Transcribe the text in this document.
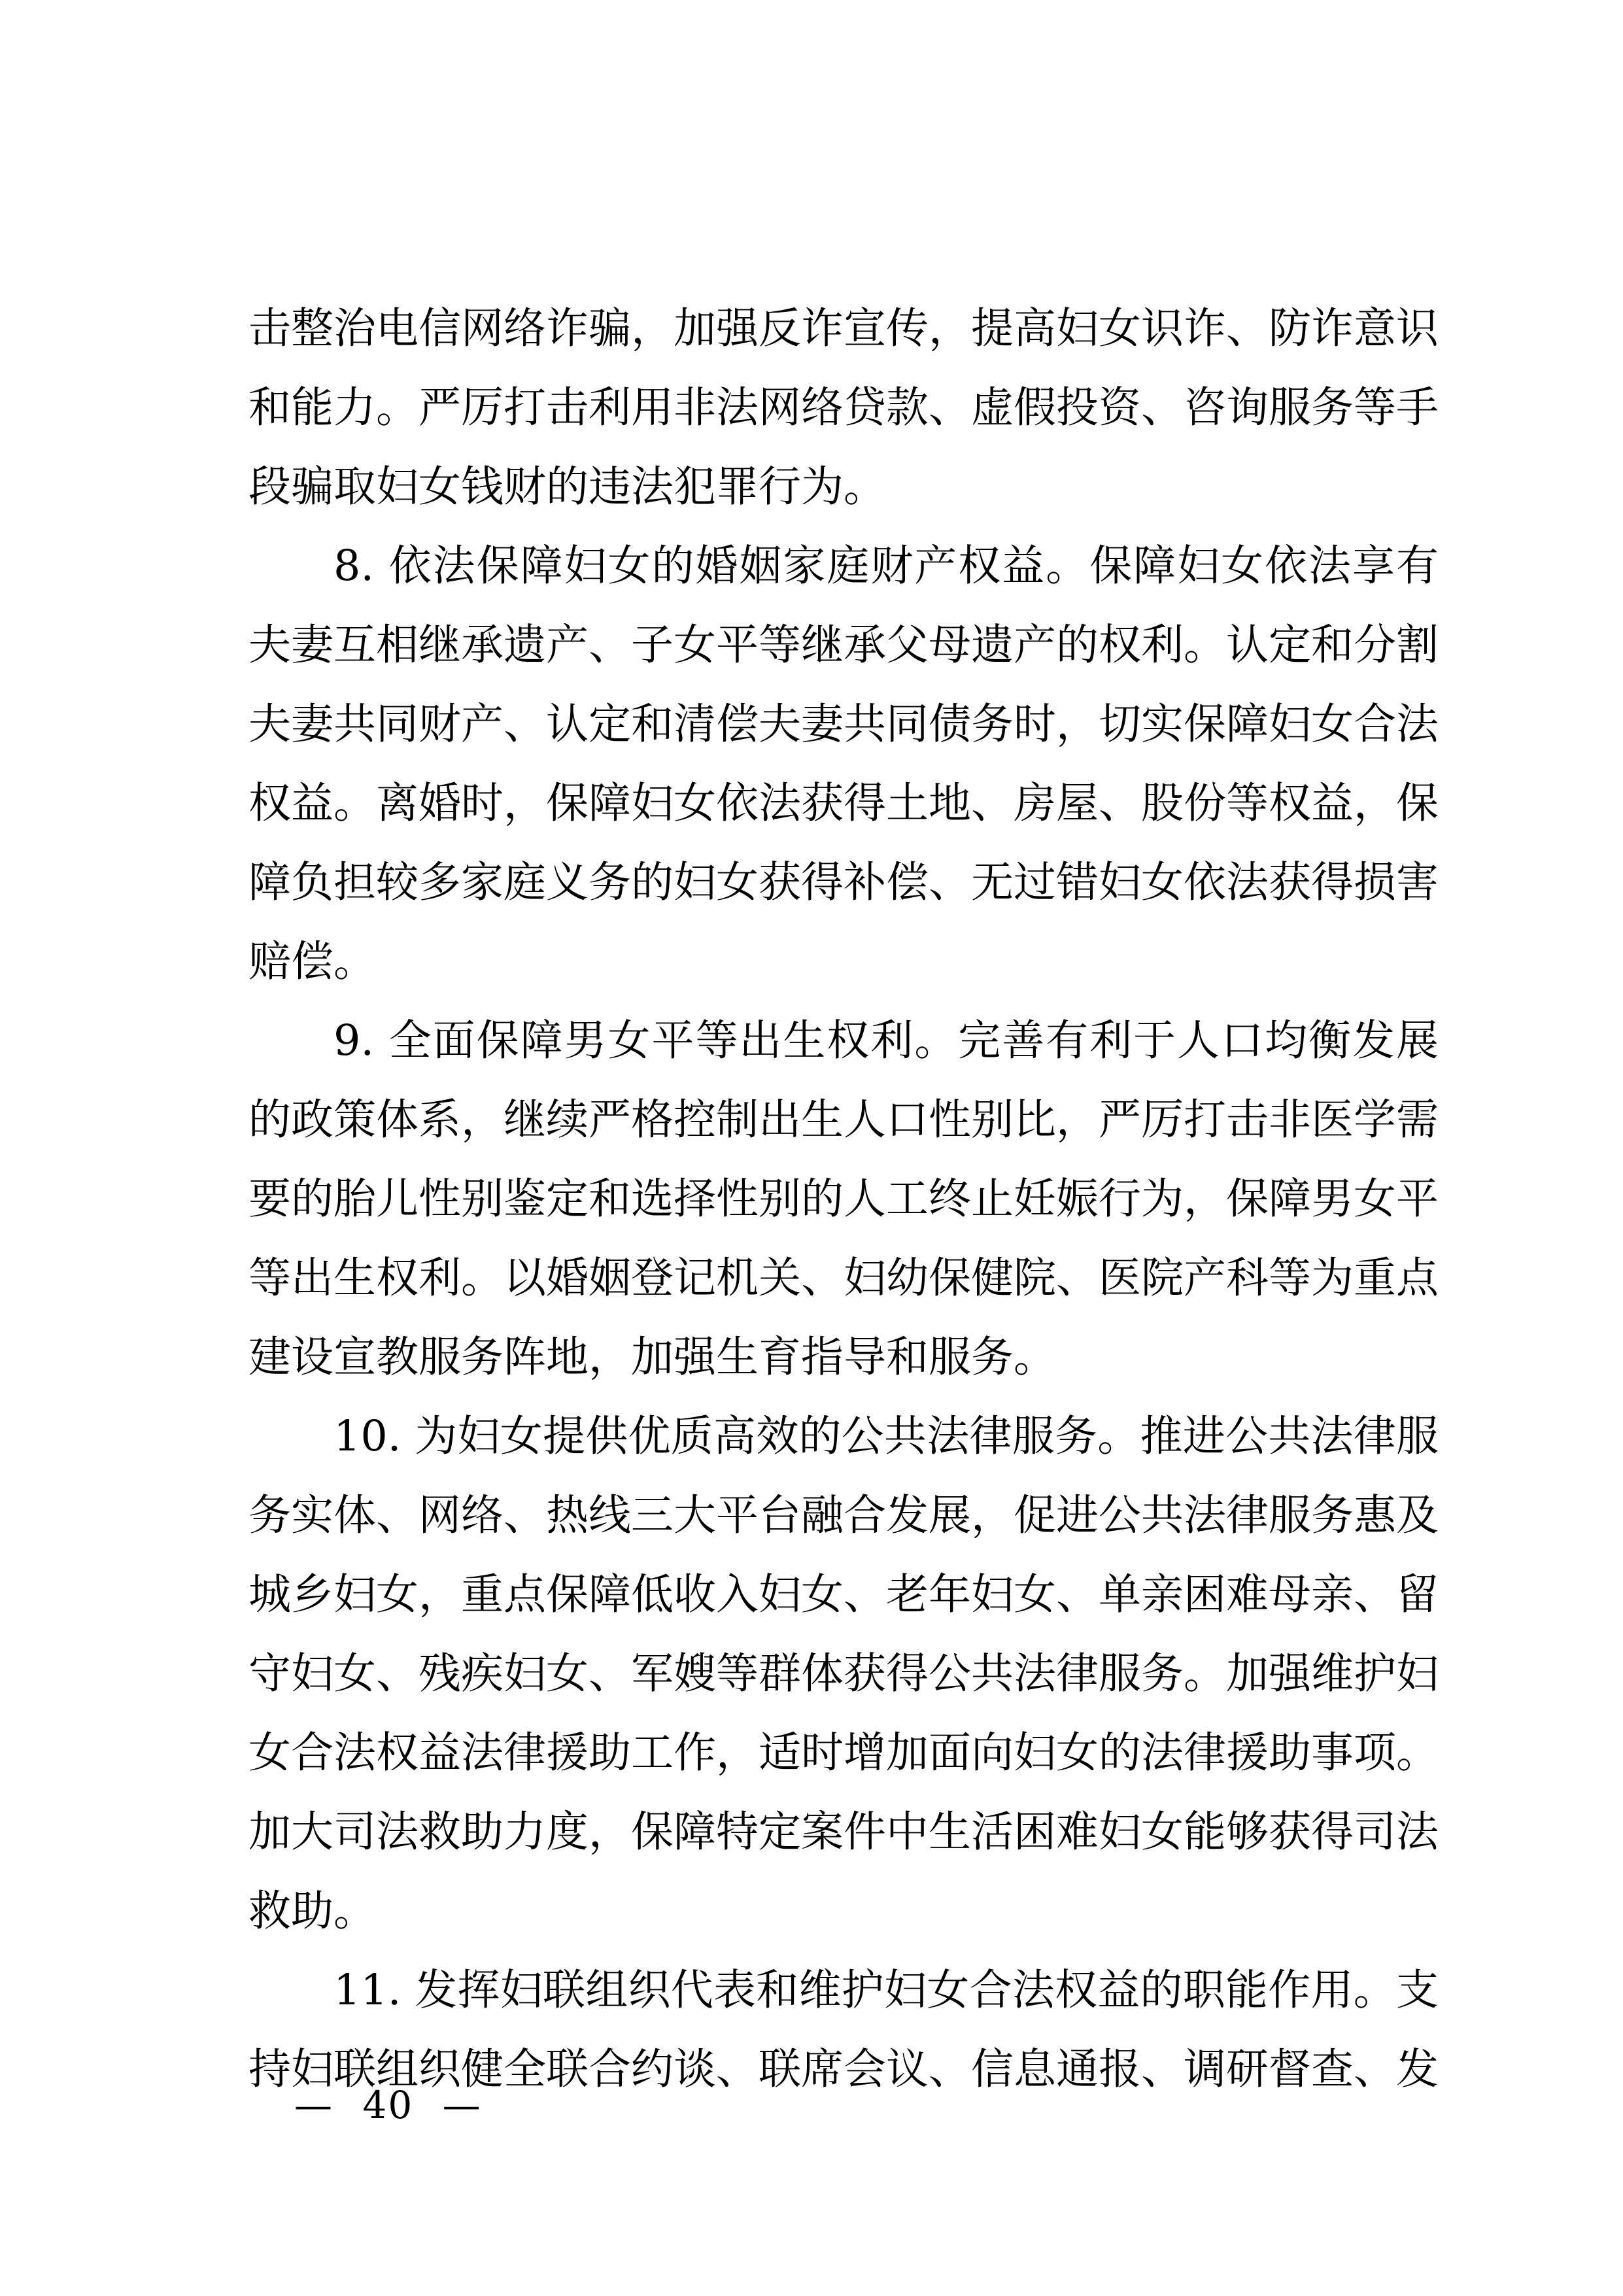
击整治电信网络诈骗，加强反诈宣传，提高妇女识诈、防诈意识
和能力。严厉打击利用非法网络贷款、虚假投资、咨询服务等手
段骗取妇女钱财的违法犯罪行为。
8. 依法保障妇女的婚姻家庭财产权益。保障妇女依法享有
夫妻互相继承遗产、子女平等继承父母遗产的权利。认定和分割
夫妻共同财产、认定和清偿夫妻共同债务时，切实保障妇女合法
权益。离婚时，保障妇女依法获得土地、房屋、股份等权益，保
障负担较多家庭义务的妇女获得补偿、无过错妇女依法获得损害
赔偿。
9. 全面保障男女平等出生权利。完善有利于人口均衡发展
的政策体系，继续严格控制出生人口性别比，严厉打击非医学需
要的胎儿性别鉴定和选择性别的人工终止妊娠行为，保障男女平
等出生权利。以婚姻登记机关、妇幼保健院、医院产科等为重点
建设宣教服务阵地，加强生育指导和服务。
10. 为妇女提供优质高效的公共法律服务。推进公共法律服
务实体、网络、热线三大平台融合发展，促进公共法律服务惠及
城乡妇女，重点保障低收入妇女、老年妇女、单亲困难母亲、留
守妇女、残疾妇女、军嫂等群体获得公共法律服务。加强维护妇
女合法权益法律援助工作，适时增加面向妇女的法律援助事项。
加大司法救助力度，保障特定案件中生活困难妇女能够获得司法
救助。
11. 发挥妇联组织代表和维护妇女合法权益的职能作用。支
持妇联组织健全联合约谈、联席会议、信息通报、调研督查、发
— 40 —
